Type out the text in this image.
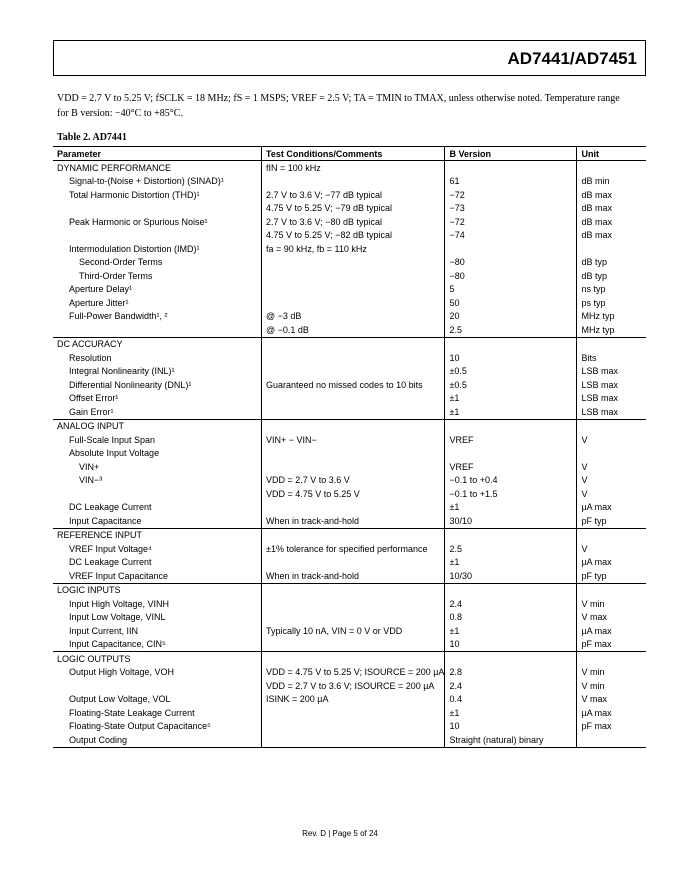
AD7441/AD7451
VDD = 2.7 V to 5.25 V; fSCLK = 18 MHz; fS = 1 MSPS; VREF = 2.5 V; TA = TMIN to TMAX, unless otherwise noted. Temperature range for B version: −40°C to +85°C.
Table 2. AD7441
Parameter	Test Conditions/Comments	B Version	Unit
DYNAMIC PERFORMANCE	fIN = 100 kHz		
Signal-to-(Noise + Distortion) (SINAD)¹		61	dB min
Total Harmonic Distortion (THD)¹	2.7 V to 3.6 V; −77 dB typical	−72	dB max
	4.75 V to 5.25 V; −79 dB typical	−73	dB max
Peak Harmonic or Spurious Noise¹	2.7 V to 3.6 V; −80 dB typical	−72	dB max
	4.75 V to 5.25 V; −82 dB typical	−74	dB max
Intermodulation Distortion (IMD)¹	fa = 90 kHz, fb = 110 kHz		
Second-Order Terms		−80	dB typ
Third-Order Terms		−80	dB typ
Aperture Delay¹		5	ns typ
Aperture Jitter¹		50	ps typ
Full-Power Bandwidth¹, ²	@ −3 dB	20	MHz typ
	@ −0.1 dB	2.5	MHz typ
DC ACCURACY			
Resolution		10	Bits
Integral Nonlinearity (INL)¹		±0.5	LSB max
Differential Nonlinearity (DNL)¹	Guaranteed no missed codes to 10 bits	±0.5	LSB max
Offset Error¹		±1	LSB max
Gain Error¹		±1	LSB max
ANALOG INPUT			
Full-Scale Input Span	VIN+ − VIN−	VREF	V
Absolute Input Voltage			
VIN+		VREF	V
VIN−³	VDD = 2.7 V to 3.6 V	−0.1 to +0.4	V
	VDD = 4.75 V to 5.25 V	−0.1 to +1.5	V
DC Leakage Current		±1	µA max
Input Capacitance	When in track-and-hold	30/10	pF typ
REFERENCE INPUT			
VREF Input Voltage⁴	±1% tolerance for specified performance	2.5	V
DC Leakage Current		±1	µA max
VREF Input Capacitance	When in track-and-hold	10/30	pF typ
LOGIC INPUTS			
Input High Voltage, VINH		2.4	V min
Input Low Voltage, VINL		0.8	V max
Input Current, IIN	Typically 10 nA, VIN = 0 V or VDD	±1	µA max
Input Capacitance, CIN⁵		10	pF max
LOGIC OUTPUTS			
Output High Voltage, VOH	VDD = 4.75 V to 5.25 V; ISOURCE = 200 µA	2.8	V min
	VDD = 2.7 V to 3.6 V; ISOURCE = 200 µA	2.4	V min
Output Low Voltage, VOL	ISINK = 200 µA	0.4	V max
Floating-State Leakage Current		±1	µA max
Floating-State Output Capacitance⁵		10	pF max
Output Coding		Straight (natural) binary	
Rev. D | Page 5 of 24
